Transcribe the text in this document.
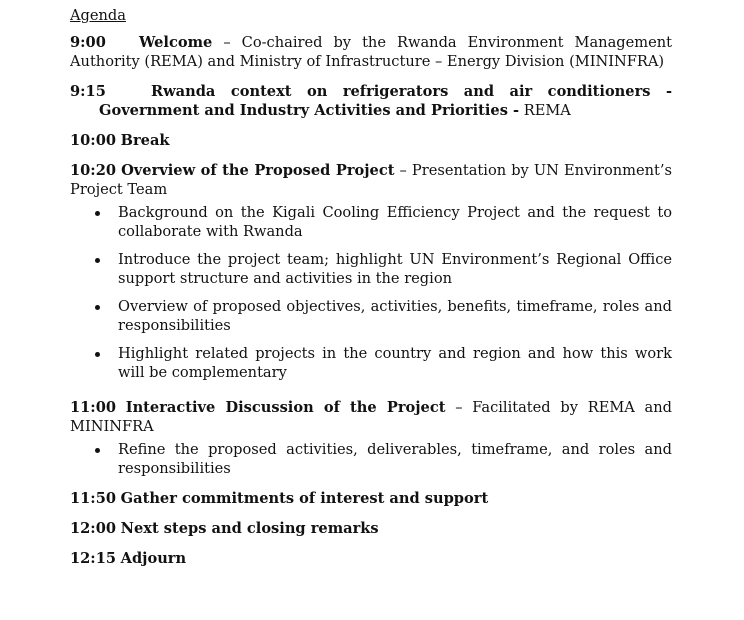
Agenda
9:00 Welcome – Co-chaired by the Rwanda Environment Management Authority (REMA) and Ministry of Infrastructure – Energy Division (MININFRA)
9:15	Rwanda context on refrigerators and air conditioners - Government and Industry Activities and Priorities - REMA
10:00 Break
10:20 Overview of the Proposed Project – Presentation by UN Environment’s Project Team
Background on the Kigali Cooling Efficiency Project and the request to collaborate with Rwanda
Introduce the project team; highlight UN Environment’s Regional Office support structure and activities in the region
Overview of proposed objectives, activities, benefits, timeframe, roles and responsibilities
Highlight related projects in the country and region and how this work will be complementary
11:00 Interactive Discussion of the Project – Facilitated by REMA and MININFRA
Refine the proposed activities, deliverables, timeframe, and roles and responsibilities
11:50 Gather commitments of interest and support
12:00 Next steps and closing remarks
12:15 Adjourn
